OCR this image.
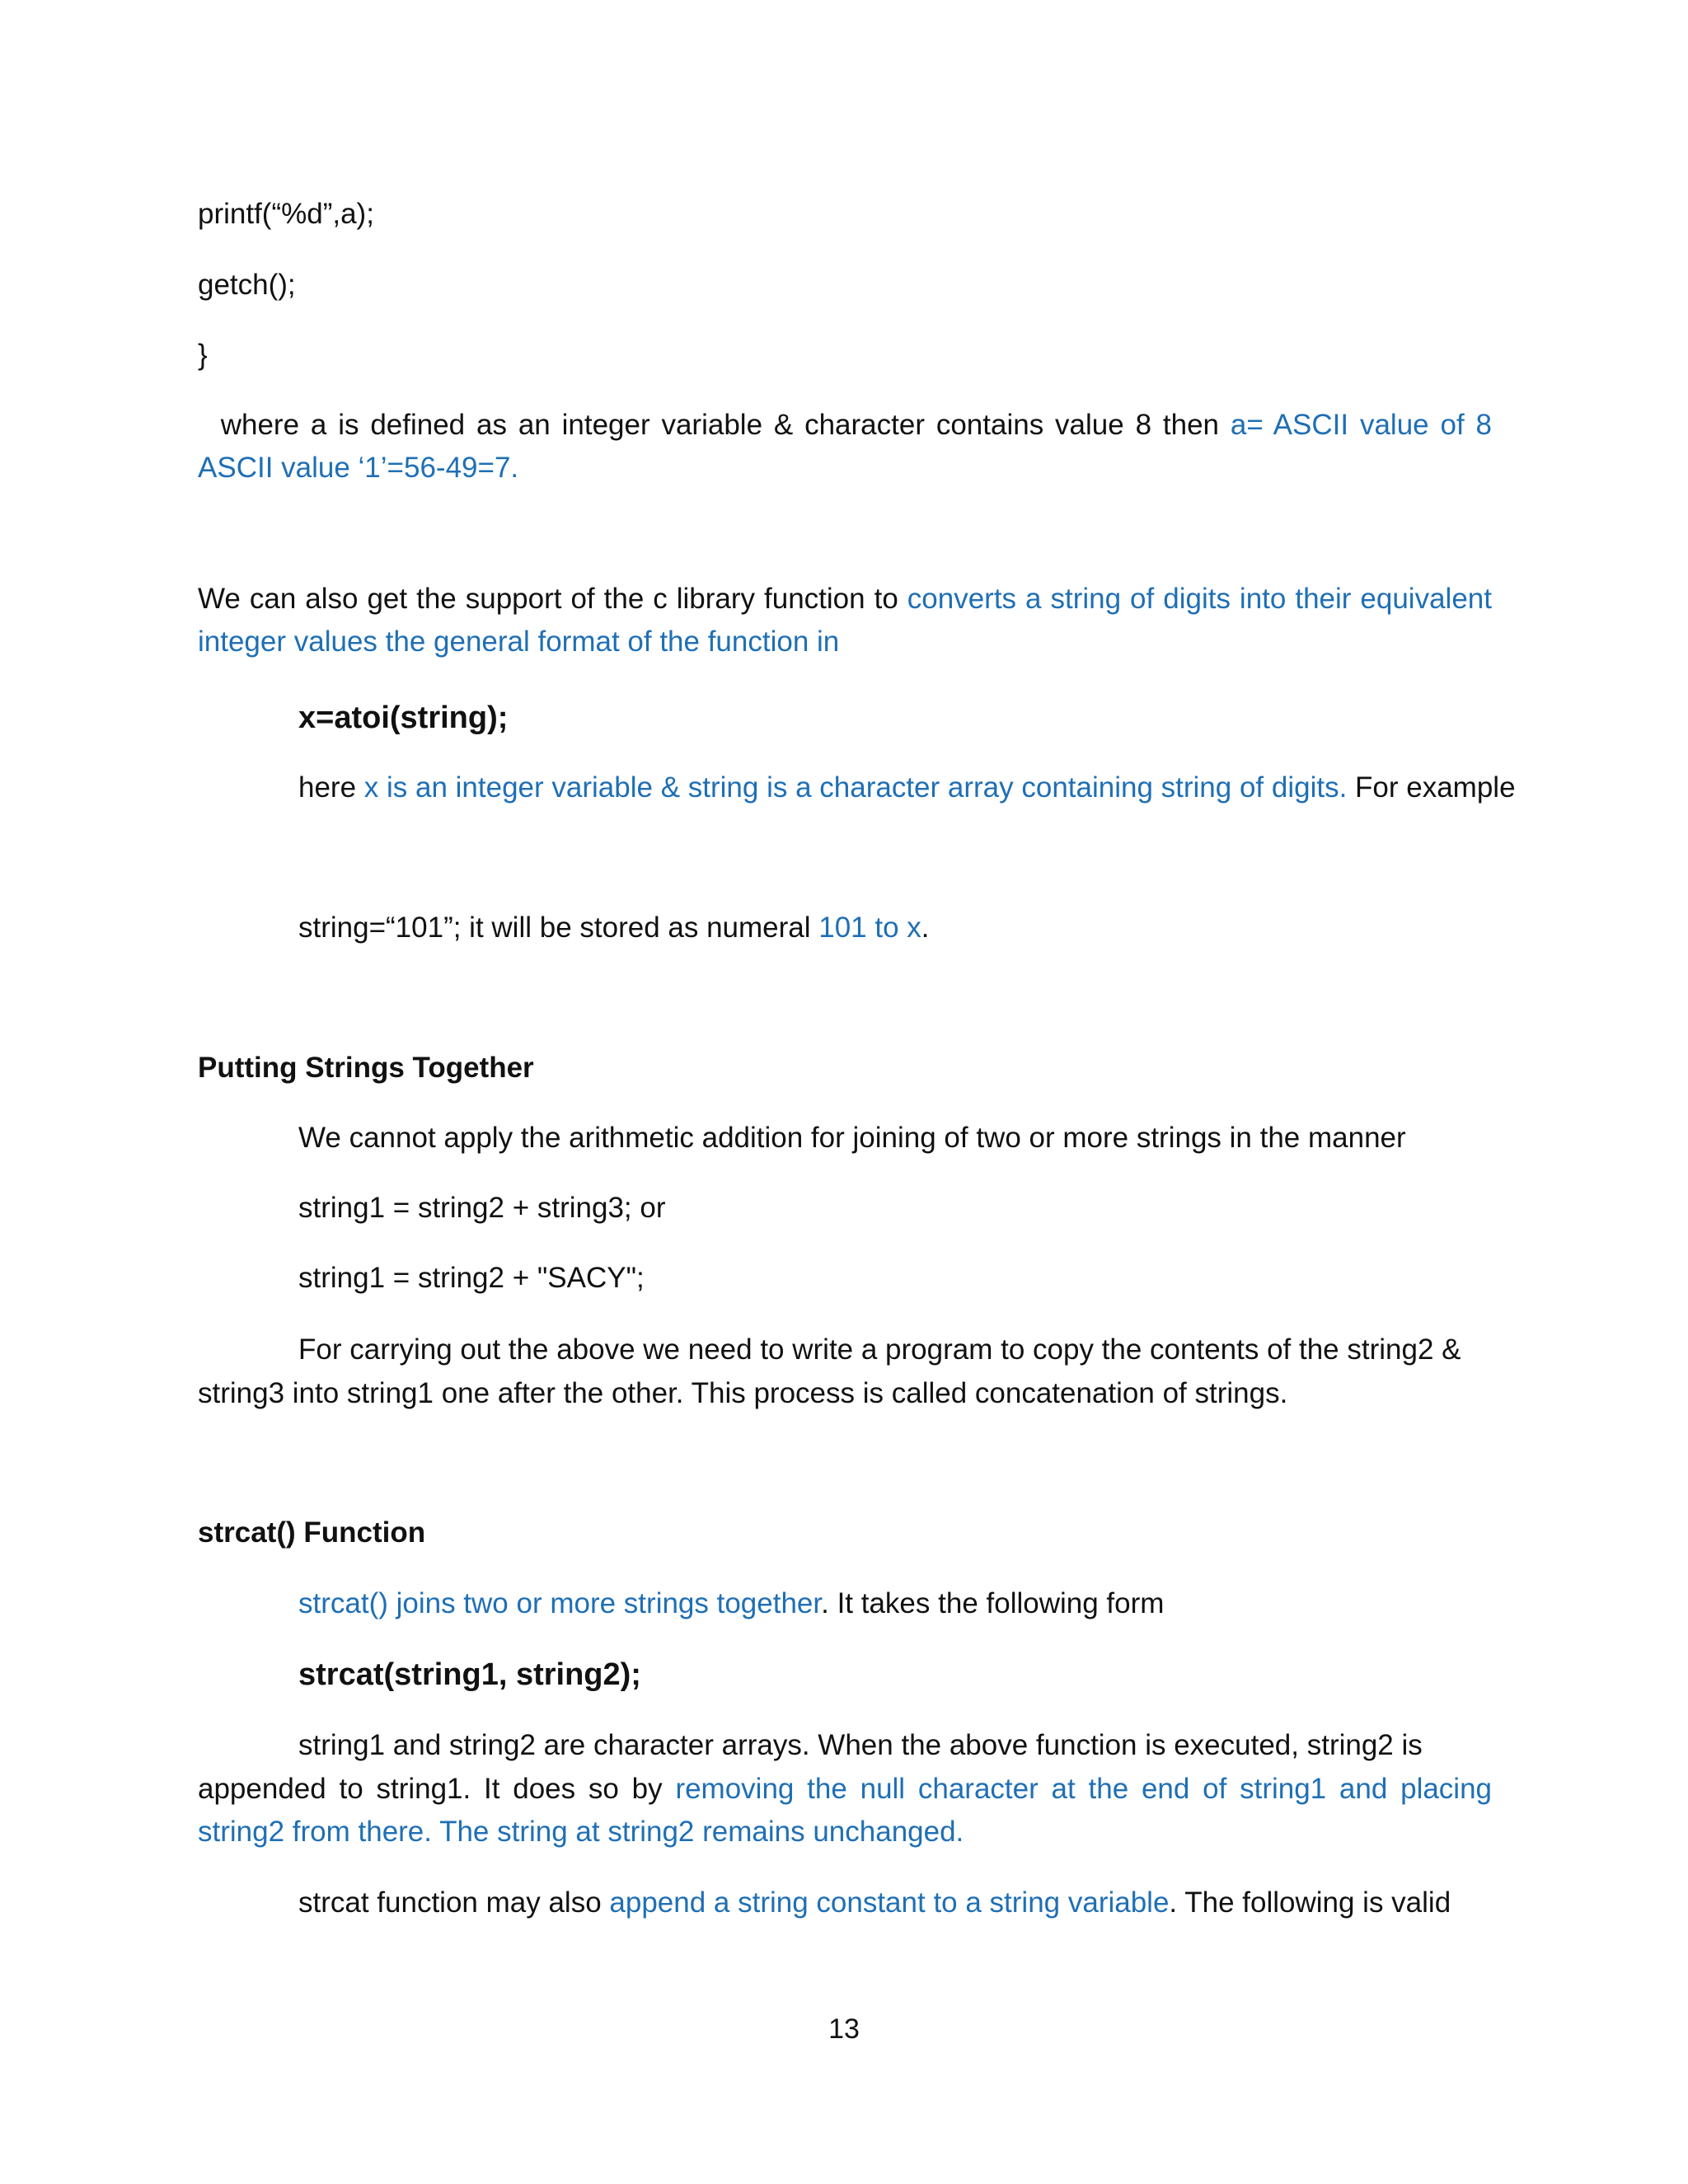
printf(“%d”,a);

getch();

}

where a is defined as an integer variable & character contains value 8 then a= ASCII value of 8 ASCII value ‘1’=56-49=7.

We can also get the support of the c library function to converts a string of digits into their equivalent integer values the general format of the function in

x=atoi(string);

here x is an integer variable & string is a character array containing string of digits. For example

string=“101”; it will be stored as numeral 101 to x.

Putting Strings Together

We cannot apply the arithmetic addition for joining of two or more strings in the manner

string1 = string2 + string3; or

string1 = string2 + "SACY";

For carrying out the above we need to write a program to copy the contents of the string2 &

string3 into string1 one after the other. This process is called concatenation of strings.

strcat() Function

strcat() joins two or more strings together. It takes the following form

strcat(string1, string2);

string1 and string2 are character arrays. When the above function is executed, string2 is

appended to string1. It does so by removing the null character at the end of string1 and placing string2 from there. The string at string2 remains unchanged.

strcat function may also append a string constant to a string variable. The following is valid

13
